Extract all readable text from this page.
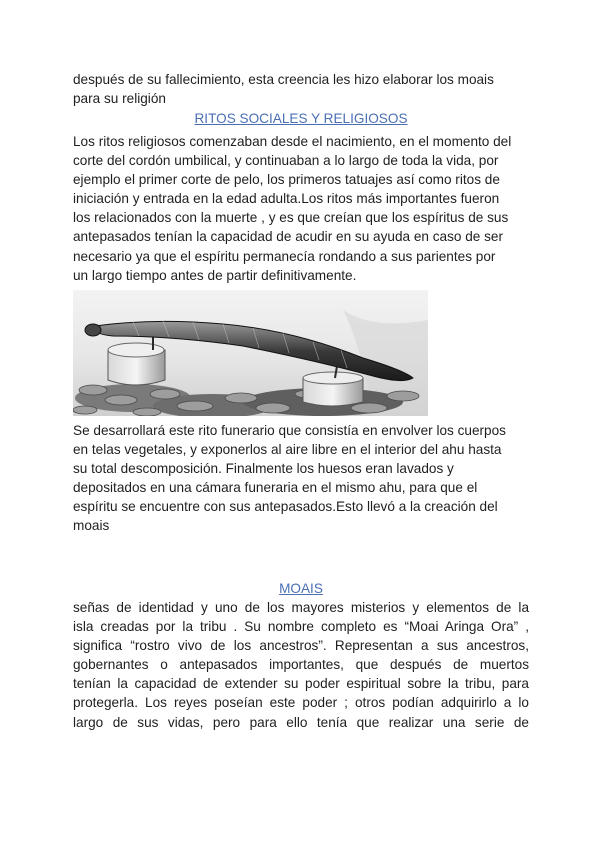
después de su fallecimiento, esta creencia les hizo elaborar los moais
para su religión
RITOS SOCIALES Y RELIGIOSOS
Los ritos religiosos comenzaban desde el nacimiento, en el momento del
corte del cordón umbilical, y continuaban a lo largo de toda la vida, por
ejemplo el primer corte de pelo, los primeros tatuajes así como ritos de
iniciación y entrada en la edad adulta.Los ritos más importantes fueron
los relacionados con la muerte , y es que creían que los espíritus de sus
antepasados tenían la capacidad de acudir en su ayuda en caso de ser
necesario ya que el espíritu permanecía rondando a sus parientes por
un largo tiempo antes de partir definitivamente.
Se desarrollará este rito funerario que consistía en envolver los cuerpos
en telas vegetales, y exponerlos al aire libre en el interior del ahu hasta
su total descomposición. Finalmente los huesos eran lavados y
depositados en una cámara funeraria en el mismo ahu, para que el
espíritu se encuentre con sus antepasados.Esto llevó a la creación del
moais
MOAIS
señas de identidad y uno de los mayores misterios y elementos de la
isla creadas por la tribu . Su nombre completo es “Moai Aringa Ora” ,
significa “rostro vivo de los ancestros”. Representan a sus ancestros,
gobernantes o antepasados importantes, que después de muertos
tenían la capacidad de extender su poder espiritual sobre la tribu, para
protegerla. Los reyes poseían este poder ; otros podían adquirirlo a lo
largo de sus vidas, pero para ello tenía que realizar una serie de
